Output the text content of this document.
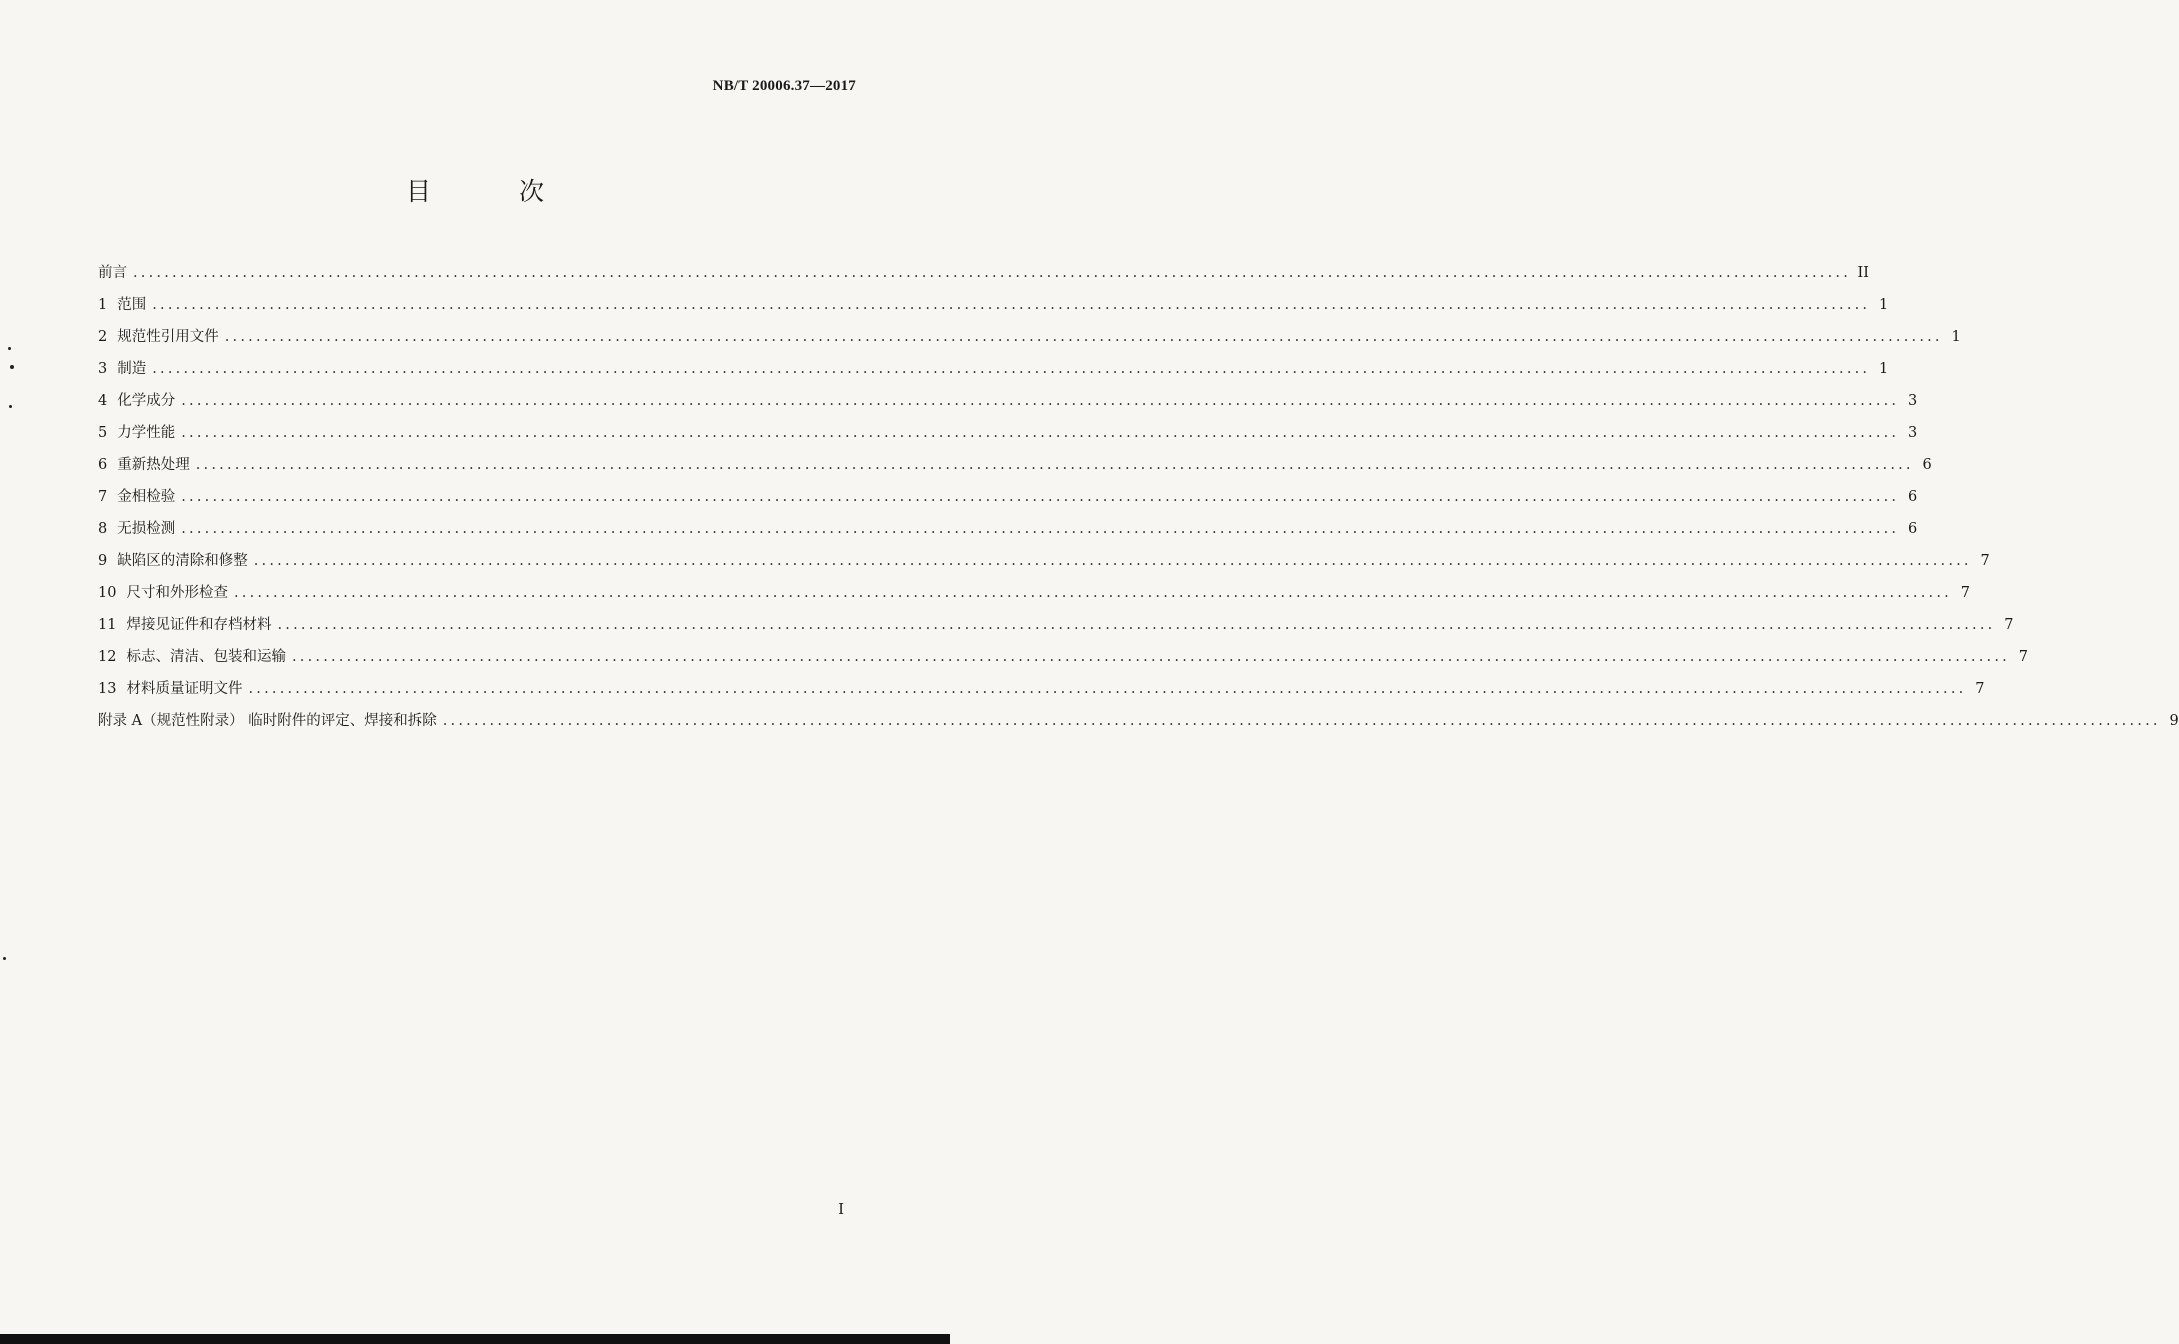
NB/T 20006.37—2017
目 次
前言 ............................................................................................................................................................................................................................ II
1 范围 ............................................................................................................................................................................................................................ 1
2 规范性引用文件 ............................................................................................................................................................................................................................ 1
3 制造 ............................................................................................................................................................................................................................ 1
4 化学成分 ............................................................................................................................................................................................................................ 3
5 力学性能 ............................................................................................................................................................................................................................ 3
6 重新热处理 ............................................................................................................................................................................................................................ 6
7 金相检验 ............................................................................................................................................................................................................................ 6
8 无损检测 ............................................................................................................................................................................................................................ 6
9 缺陷区的清除和修整 ............................................................................................................................................................................................................................ 7
10 尺寸和外形检查 ............................................................................................................................................................................................................................ 7
11 焊接见证件和存档材料 ............................................................................................................................................................................................................................ 7
12 标志、清洁、包装和运输 ............................................................................................................................................................................................................................ 7
13 材料质量证明文件 ............................................................................................................................................................................................................................ 7
附录 A（规范性附录） 临时附件的评定、焊接和拆除 ............................................................................................................................................................................................................................ 9
I
